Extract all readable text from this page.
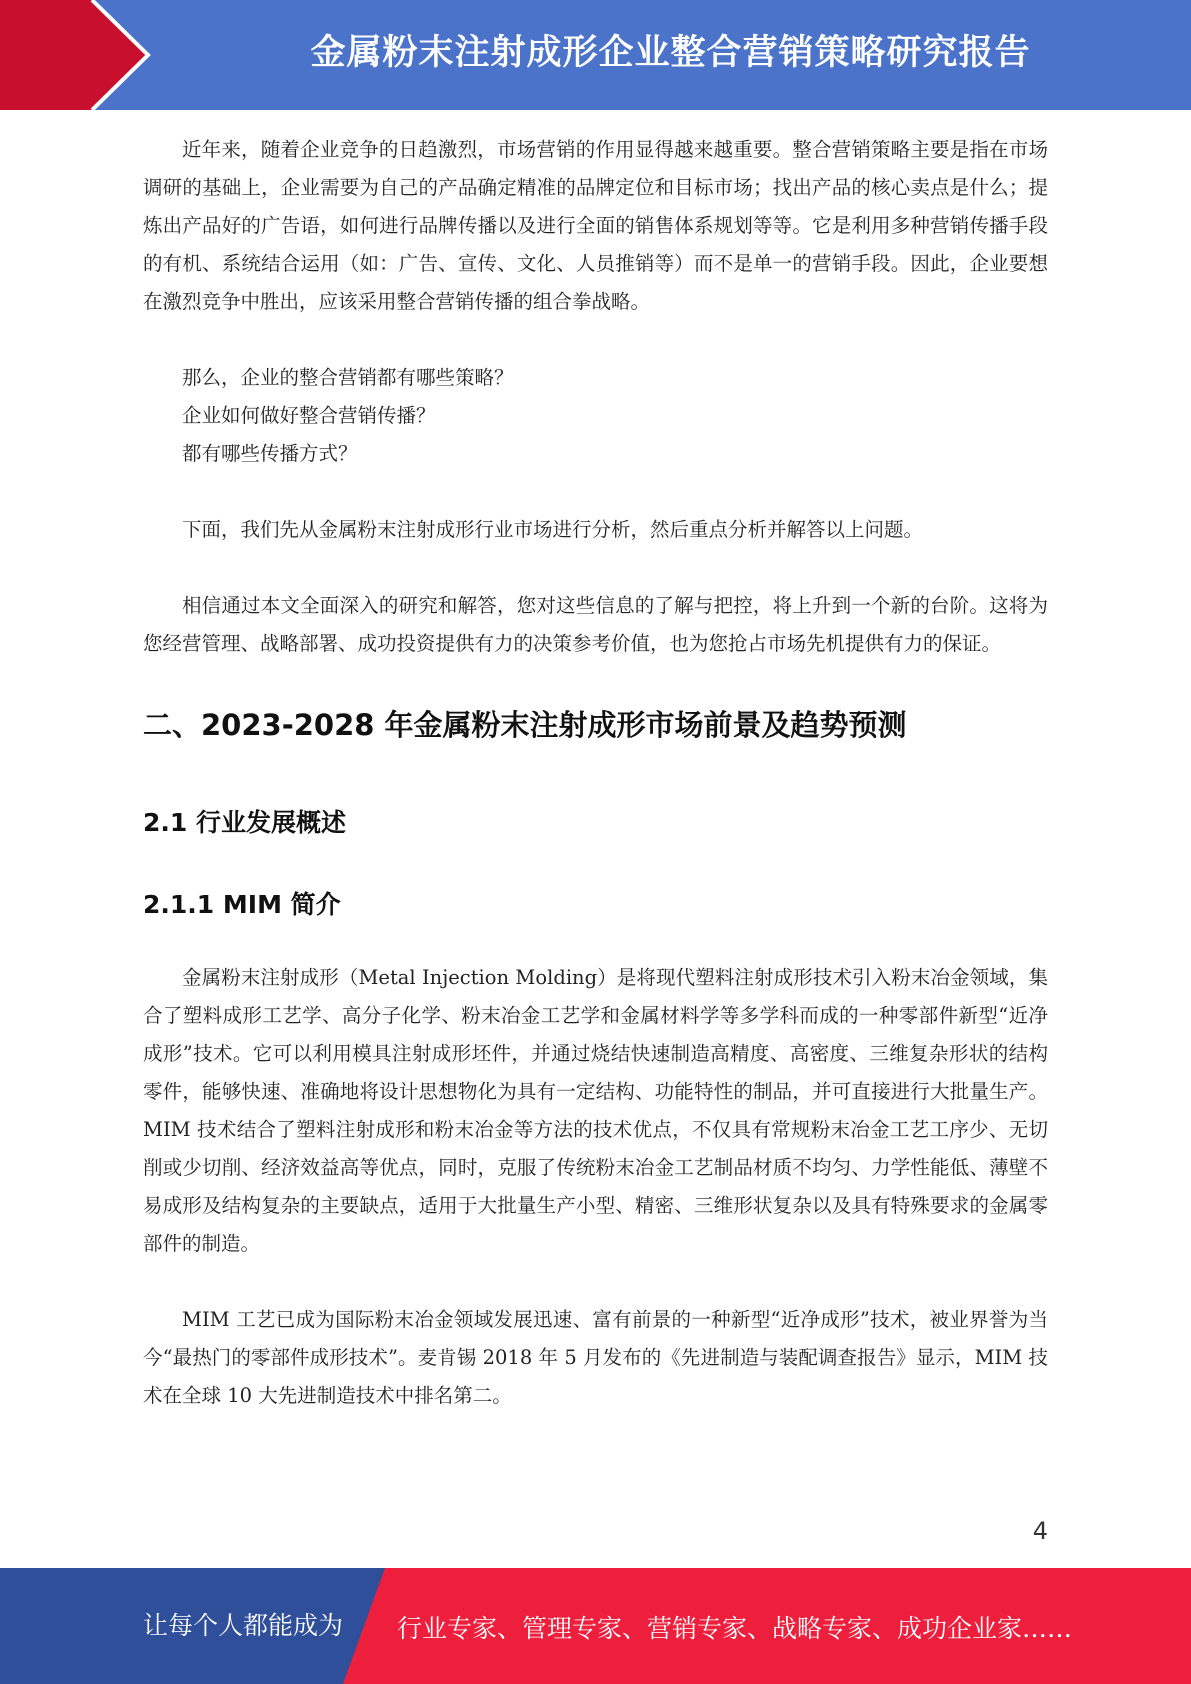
金属粉末注射成形企业整合营销策略研究报告

近年来，随着企业竞争的日趋激烈，市场营销的作用显得越来越重要。整合营销策略主要是指在市场调研的基础上，企业需要为自己的产品确定精准的品牌定位和目标市场；找出产品的核心卖点是什么；提炼出产品好的广告语，如何进行品牌传播以及进行全面的销售体系规划等等。它是利用多种营销传播手段的有机、系统结合运用（如：广告、宣传、文化、人员推销等）而不是单一的营销手段。因此，企业要想在激烈竞争中胜出，应该采用整合营销传播的组合拳战略。

那么，企业的整合营销都有哪些策略？

企业如何做好整合营销传播？

都有哪些传播方式？

下面，我们先从金属粉末注射成形行业市场进行分析，然后重点分析并解答以上问题。

相信通过本文全面深入的研究和解答，您对这些信息的了解与把控，将上升到一个新的台阶。这将为您经营管理、战略部署、成功投资提供有力的决策参考价值，也为您抢占市场先机提供有力的保证。

二、2023-2028 年金属粉末注射成形市场前景及趋势预测
2.1 行业发展概述
2.1.1 MIM 简介

金属粉末注射成形（Metal Injection Molding）是将现代塑料注射成形技术引入粉末冶金领域，集合了塑料成形工艺学、高分子化学、粉末冶金工艺学和金属材料学等多学科而成的一种零部件新型“近净成形”技术。它可以利用模具注射成形坯件，并通过烧结快速制造高精度、高密度、三维复杂形状的结构零件，能够快速、准确地将设计思想物化为具有一定结构、功能特性的制品，并可直接进行大批量生产。MIM 技术结合了塑料注射成形和粉末冶金等方法的技术优点，不仅具有常规粉末冶金工艺工序少、无切削或少切削、经济效益高等优点，同时，克服了传统粉末冶金工艺制品材质不均匀、力学性能低、薄壁不易成形及结构复杂的主要缺点，适用于大批量生产小型、精密、三维形状复杂以及具有特殊要求的金属零部件的制造。

MIM 工艺已成为国际粉末冶金领域发展迅速、富有前景的一种新型“近净成形”技术，被业界誉为当今“最热门的零部件成形技术”。麦肯锡 2018 年 5 月发布的《先进制造与装配调查报告》显示，MIM 技术在全球 10 大先进制造技术中排名第二。

4
让每个人都能成为 行业专家、管理专家、营销专家、战略专家、成功企业家……
